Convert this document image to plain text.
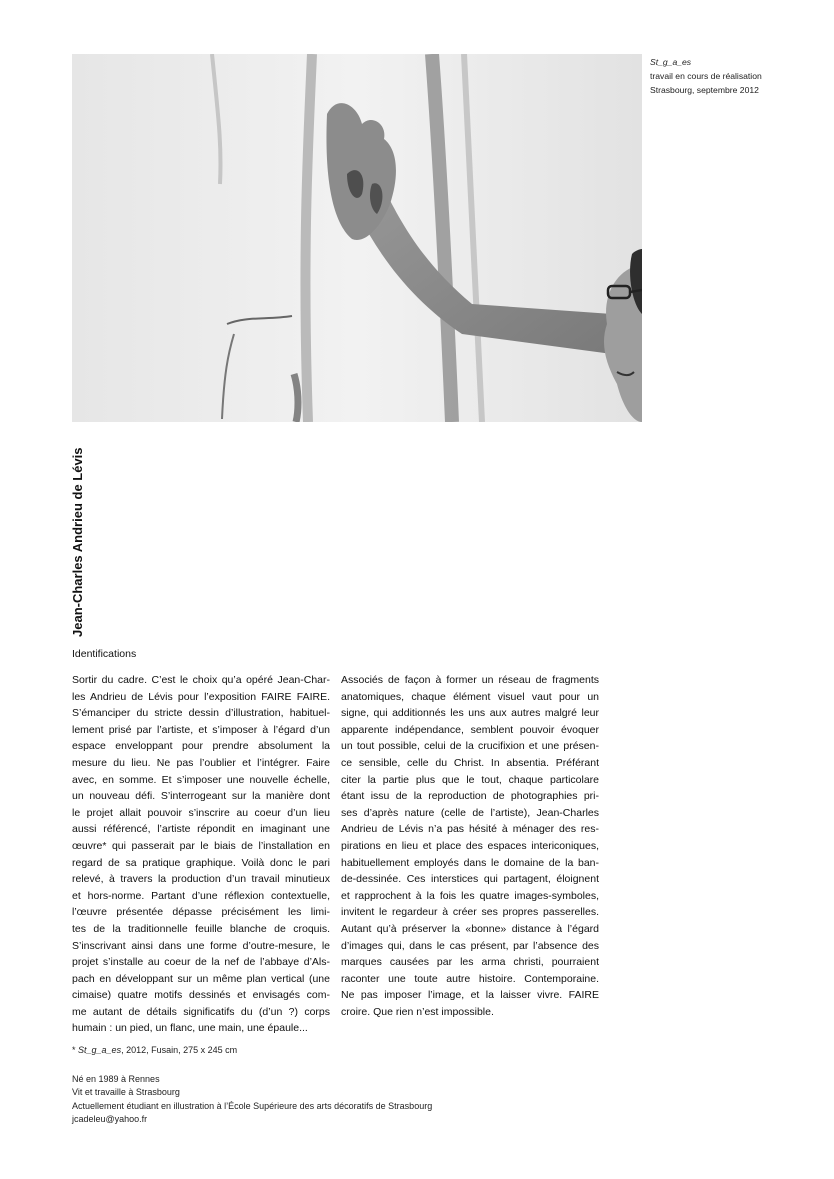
St_g_a_es
travail en cours de réalisation
Strasbourg, septembre 2012
Jean-Charles Andrieu de Lévis
Identifications
Sortir du cadre. C’est le choix qu’a opéré Jean-Char-
les Andrieu de Lévis pour l’exposition FAIRE FAIRE.
S’émanciper du stricte dessin d’illustration, habituel-
lement prisé par l’artiste, et s’imposer à l’égard d’un
espace enveloppant pour prendre absolument la
mesure du lieu. Ne pas l’oublier et l’intégrer. Faire
avec, en somme. Et s’imposer une nouvelle échelle,
un nouveau défi. S’interrogeant sur la manière dont
le projet allait pouvoir s’inscrire au coeur d’un lieu
aussi référencé, l’artiste répondit en imaginant une
œuvre* qui passerait par le biais de l’installation en
regard de sa pratique graphique. Voilà donc le pari
relevé, à travers la production d’un travail minutieux
et hors-norme. Partant d’une réflexion contextuelle,
l’œuvre présentée dépasse précisément les limi-
tes de la traditionnelle feuille blanche de croquis.
S’inscrivant ainsi dans une forme d’outre-mesure, le
projet s’installe au coeur de la nef de l’abbaye d’Als-
pach en développant sur un même plan vertical (une
cimaise) quatre motifs dessinés et envisagés com-
me autant de détails significatifs du (d’un ?) corps
humain : un pied, un flanc, une main, une épaule...
Associés de façon à former un réseau de fragments
anatomiques, chaque élément visuel vaut pour un
signe, qui additionnés les uns aux autres malgré leur
apparente indépendance, semblent pouvoir évoquer
un tout possible, celui de la crucifixion et une présen-
ce sensible, celle du Christ. In absentia. Préférant
citer la partie plus que le tout, chaque particolare
étant issu de la reproduction de photographies pri-
ses d’après nature (celle de l’artiste), Jean-Charles
Andrieu de Lévis n’a pas hésité à ménager des res-
pirations en lieu et place des espaces intericoniques,
habituellement employés dans le domaine de la ban-
de-dessinée. Ces interstices qui partagent, éloignent
et rapprochent à la fois les quatre images-symboles,
invitent le regardeur à créer ses propres passerelles.
Autant qu’à préserver la «bonne» distance à l’égard
d’images qui, dans le cas présent, par l’absence des
marques causées par les arma christi, pourraient
raconter une toute autre histoire. Contemporaine.
Ne pas imposer l’image, et la laisser vivre. FAIRE
croire. Que rien n’est impossible.
* St_g_a_es, 2012, Fusain, 275 x 245 cm
Né en 1989 à Rennes
Vit et travaille à Strasbourg
Actuellement étudiant en illustration à l’École Supérieure des arts décoratifs de Strasbourg
jcadeleu@yahoo.fr
